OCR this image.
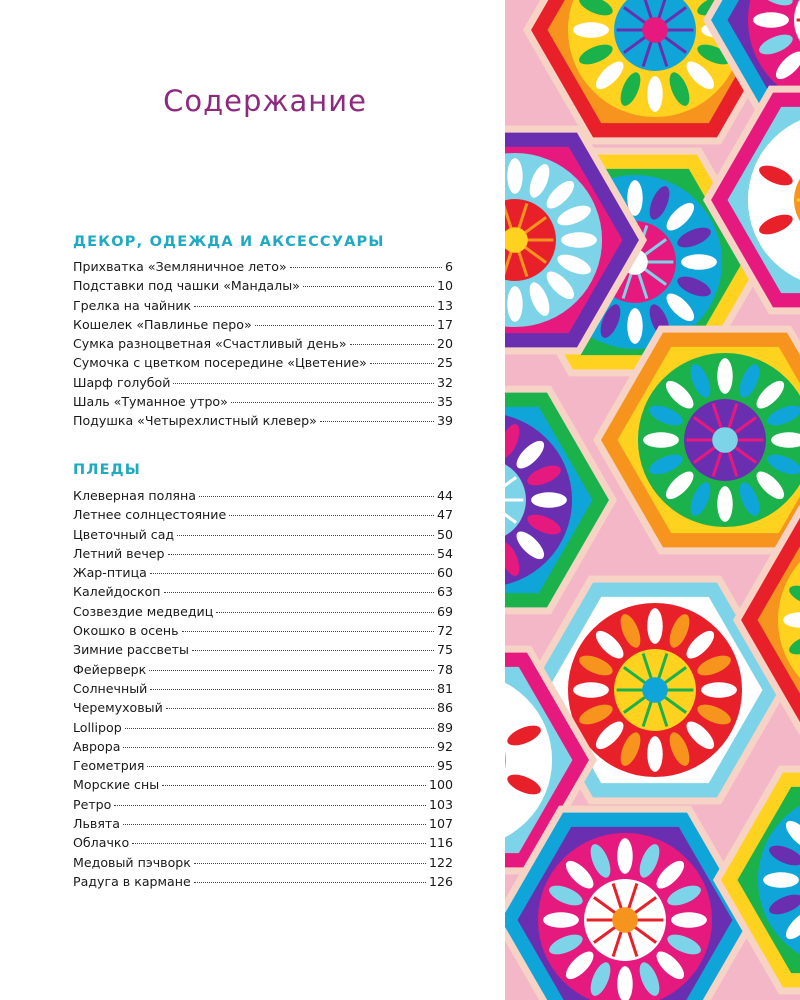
Содержание
ДЕКОР, ОДЕЖДА И АКСЕССУАРЫ
Прихватка «Земляничное лето»	6
Подставки под чашки «Мандалы»	10
Грелка на чайник	13
Кошелек «Павлинье перо»	17
Сумка разноцветная «Счастливый день»	20
Сумочка с цветком посередине «Цветение»	25
Шарф голубой	32
Шаль «Туманное утро»	35
Подушка «Четырехлистный клевер»	39
ПЛЕДЫ
Клеверная поляна	44
Летнее солнцестояние	47
Цветочный сад	50
Летний вечер	54
Жар-птица	60
Калейдоскоп	63
Созвездие медведиц	69
Окошко в осень	72
Зимние рассветы	75
Фейерверк	78
Солнечный	81
Черемуховый	86
Lollipop	89
Аврора	92
Геометрия	95
Морские сны	100
Ретро	103
Львята	107
Облачко	116
Медовый пэчворк	122
Радуга в кармане	126
